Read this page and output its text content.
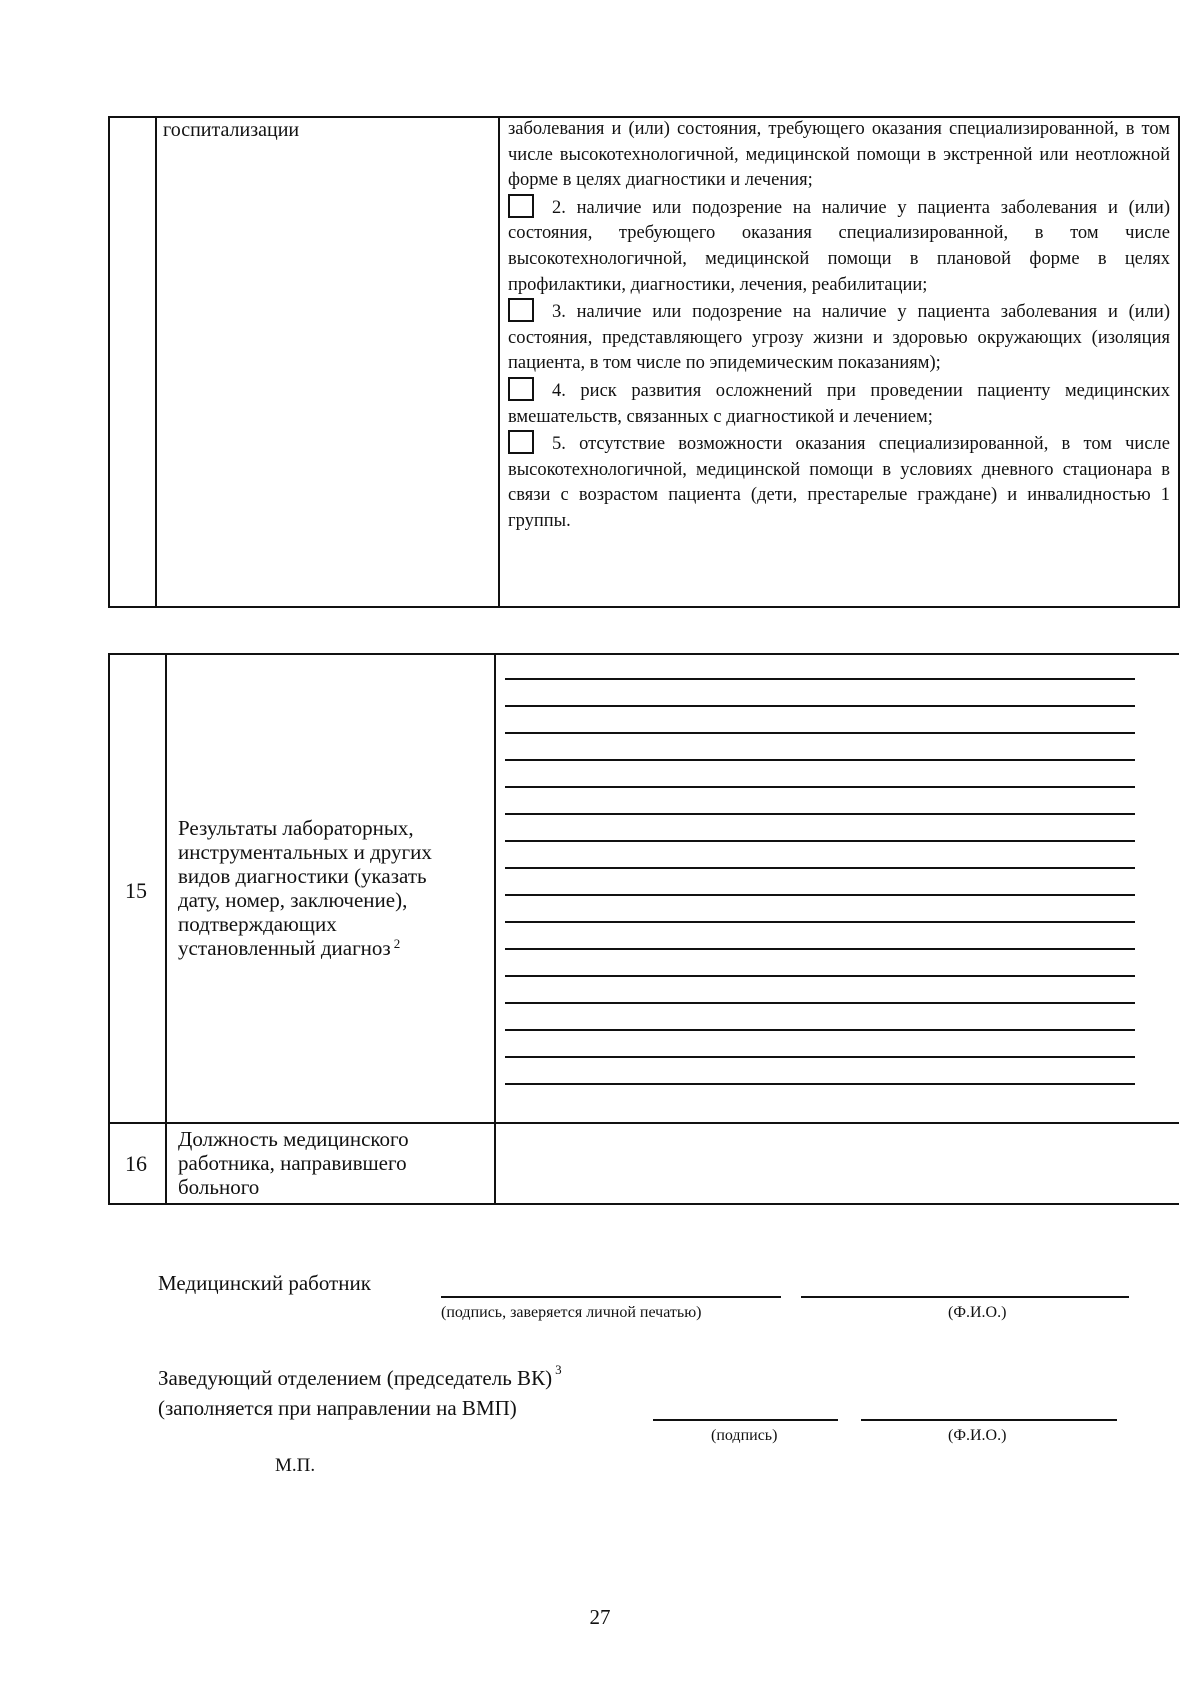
госпитализации	заболевания и (или) состояния, требующего оказания специализированной, в том числе высокотехнологичной, медицинской помощи в экстренной или неотложной форме в целях диагностики и лечения;

2. наличие или подозрение на наличие у пациента заболевания и (или) состояния, требующего оказания специализированной, в том числе высокотехнологичной, медицинской помощи в плановой форме в целях профилактики, диагностики, лечения, реабилитации;

3. наличие или подозрение на наличие у пациента заболевания и (или) состояния, представляющего угрозу жизни и здоровью окружающих (изоляция пациента, в том числе по эпидемическим показаниям);

4. риск развития осложнений при проведении пациенту медицинских вмешательств, связанных с диагностикой и лечением;

5. отсутствие возможности оказания специализированной, в том числе высокотехнологичной, медицинской помощи в условиях дневного стационара в связи с возрастом пациента (дети, престарелые граждане) и инвалидностью 1 группы.

15
Результаты лабораторных,
инструментальных и других
видов диагностики (указать
дату, номер, заключение),
подтверждающих
установленный диагноз $^2$
16
Должность медицинского
работника, направившего
больного
Медицинский работник
(подпись, заверяется личной печатью)	(Ф.И.О.)
Заведующий отделением (председатель ВК) $^3$
(заполняется при направлении на ВМП)
(подпись)	(Ф.И.О.)
М.П.
27
